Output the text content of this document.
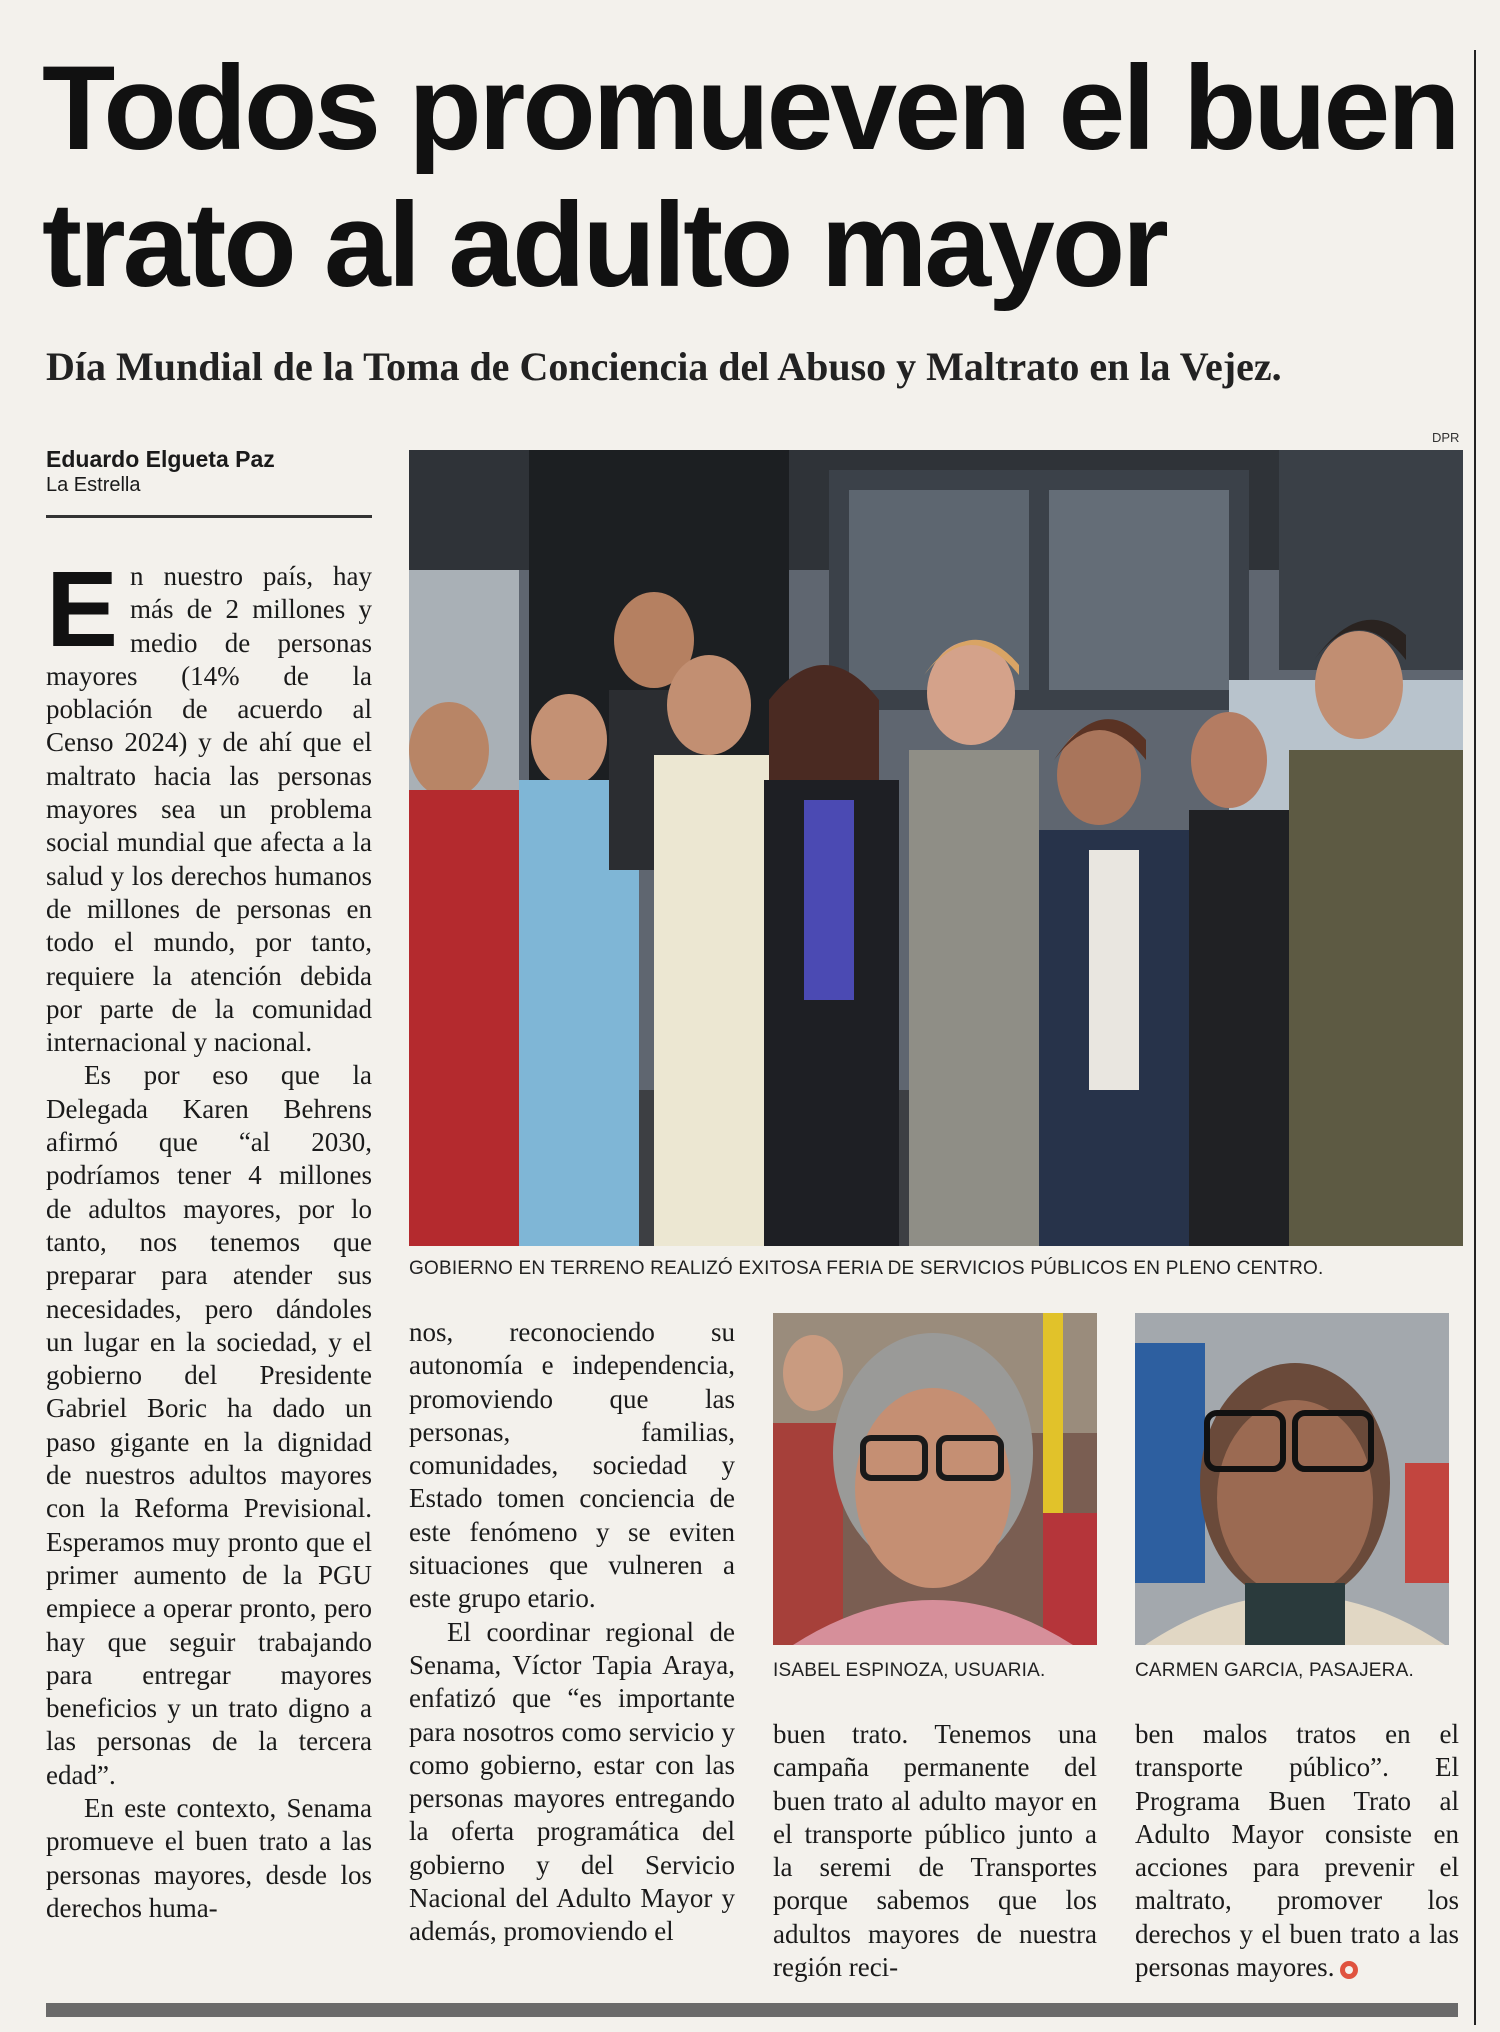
Todos promueven el buen trato al adulto mayor
Día Mundial de la Toma de Conciencia del Abuso y Maltrato en la Vejez.
Eduardo Elgueta Paz
La Estrella
DPR

En nuestro país, hay más de 2 millones y medio de personas mayores (14% de la población de acuerdo al Censo 2024) y de ahí que el maltrato hacia las personas mayores sea un problema social mundial que afecta a la salud y los derechos humanos de millones de personas en todo el mundo, por tanto, requiere la atención debida por parte de la comunidad internacional y nacional.

Es por eso que la Delegada Karen Behrens afirmó que “al 2030, podríamos tener 4 millones de adultos mayores, por lo tanto, nos tenemos que preparar para atender sus necesidades, pero dándoles un lugar en la sociedad, y el gobierno del Presidente Gabriel Boric ha dado un paso gigante en la dignidad de nuestros adultos mayores con la Reforma Previsional. Esperamos muy pronto que el primer aumento de la PGU empiece a operar pronto, pero hay que seguir trabajando para entregar mayores beneficios y un trato digno a las personas de la tercera edad”.

En este contexto, Senama promueve el buen trato a las personas mayores, desde los derechos huma-

GOBIERNO EN TERRENO REALIZÓ EXITOSA FERIA DE SERVICIOS PÚBLICOS EN PLENO CENTRO.

nos, reconociendo su autonomía e independencia, promoviendo que las personas, familias, comunidades, sociedad y Estado tomen conciencia de este fenómeno y se eviten situaciones que vulneren a este grupo etario.

El coordinar regional de Senama, Víctor Tapia Araya, enfatizó que “es importante para nosotros como servicio y como gobierno, estar con las personas mayores entregando la oferta programática del gobierno y del Servicio Nacional del Adulto Mayor y además, promoviendo el

ISABEL ESPINOZA, USUARIA.	CARMEN GARCIA, PASAJERA.

buen trato. Tenemos una campaña permanente del buen trato al adulto mayor en el transporte público junto a la seremi de Transportes porque sabemos que los adultos mayores de nuestra región reci-

ben malos tratos en el transporte público”. El Programa Buen Trato al Adulto Mayor consiste en acciones para prevenir el maltrato, promover los derechos y el buen trato a las personas mayores.
